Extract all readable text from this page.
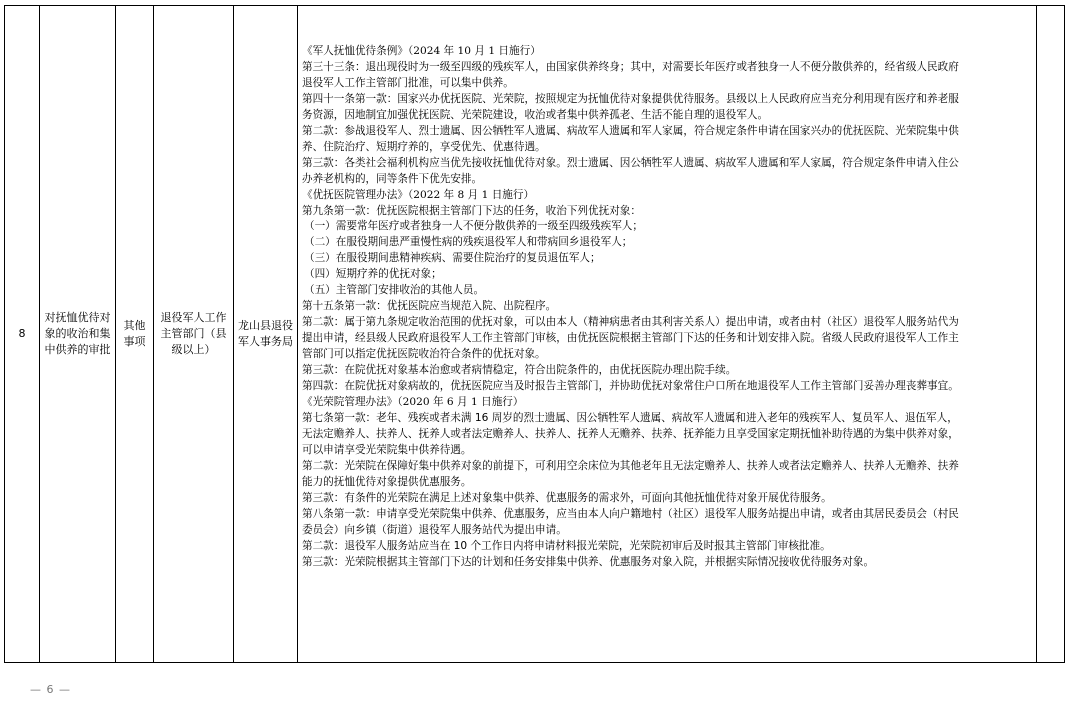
8	对抚恤优待对象的收治和集中供养的审批	其他事项	退役军人工作主管部门（县级以上）	龙山县退役军人事务局	
《军人抚恤优待条例》（2024 年 10 月 1 日施行）
第三十三条：退出现役时为一级至四级的残疾军人，由国家供养终身；其中，对需要长年医疗或者独身一人不便分散供养的，经省级人民政府
退役军人工作主管部门批准，可以集中供养。
第四十一条第一款：国家兴办优抚医院、光荣院，按照规定为抚恤优待对象提供优待服务。县级以上人民政府应当充分利用现有医疗和养老服
务资源，因地制宜加强优抚医院、光荣院建设，收治或者集中供养孤老、生活不能自理的退役军人。
第二款：参战退役军人、烈士遗属、因公牺牲军人遗属、病故军人遗属和军人家属，符合规定条件申请在国家兴办的优抚医院、光荣院集中供
养、住院治疗、短期疗养的，享受优先、优惠待遇。
第三款：各类社会福利机构应当优先接收抚恤优待对象。烈士遗属、因公牺牲军人遗属、病故军人遗属和军人家属，符合规定条件申请入住公
办养老机构的，同等条件下优先安排。
《优抚医院管理办法》（2022 年 8 月 1 日施行）
第九条第一款：优抚医院根据主管部门下达的任务，收治下列优抚对象：
（一）需要常年医疗或者独身一人不便分散供养的一级至四级残疾军人；
（二）在服役期间患严重慢性病的残疾退役军人和带病回乡退役军人；
（三）在服役期间患精神疾病、需要住院治疗的复员退伍军人；
（四）短期疗养的优抚对象；
（五）主管部门安排收治的其他人员。
第十五条第一款：优抚医院应当规范入院、出院程序。
第二款：属于第九条规定收治范围的优抚对象，可以由本人（精神病患者由其利害关系人）提出申请，或者由村（社区）退役军人服务站代为
提出申请，经县级人民政府退役军人工作主管部门审核，由优抚医院根据主管部门下达的任务和计划安排入院。省级人民政府退役军人工作主
管部门可以指定优抚医院收治符合条件的优抚对象。
第三款：在院优抚对象基本治愈或者病情稳定，符合出院条件的，由优抚医院办理出院手续。
第四款：在院优抚对象病故的，优抚医院应当及时报告主管部门，并协助优抚对象常住户口所在地退役军人工作主管部门妥善办理丧葬事宜。
《光荣院管理办法》（2020 年 6 月 1 日施行）
第七条第一款：老年、残疾或者未满 16 周岁的烈士遗属、因公牺牲军人遗属、病故军人遗属和进入老年的残疾军人、复员军人、退伍军人，
无法定赡养人、扶养人、抚养人或者法定赡养人、扶养人、抚养人无赡养、扶养、抚养能力且享受国家定期抚恤补助待遇的为集中供养对象，
可以申请享受光荣院集中供养待遇。
第二款：光荣院在保障好集中供养对象的前提下，可利用空余床位为其他老年且无法定赡养人、扶养人或者法定赡养人、扶养人无赡养、扶养
能力的抚恤优待对象提供优惠服务。
第三款：有条件的光荣院在满足上述对象集中供养、优惠服务的需求外，可面向其他抚恤优待对象开展优待服务。
第八条第一款：申请享受光荣院集中供养、优惠服务，应当由本人向户籍地村（社区）退役军人服务站提出申请，或者由其居民委员会（村民
委员会）向乡镇（街道）退役军人服务站代为提出申请。
第二款：退役军人服务站应当在 10 个工作日内将申请材料报光荣院，光荣院初审后及时报其主管部门审核批准。
第三款：光荣院根据其主管部门下达的计划和任务安排集中供养、优惠服务对象入院，并根据实际情况接收优待服务对象。

— 6 —
